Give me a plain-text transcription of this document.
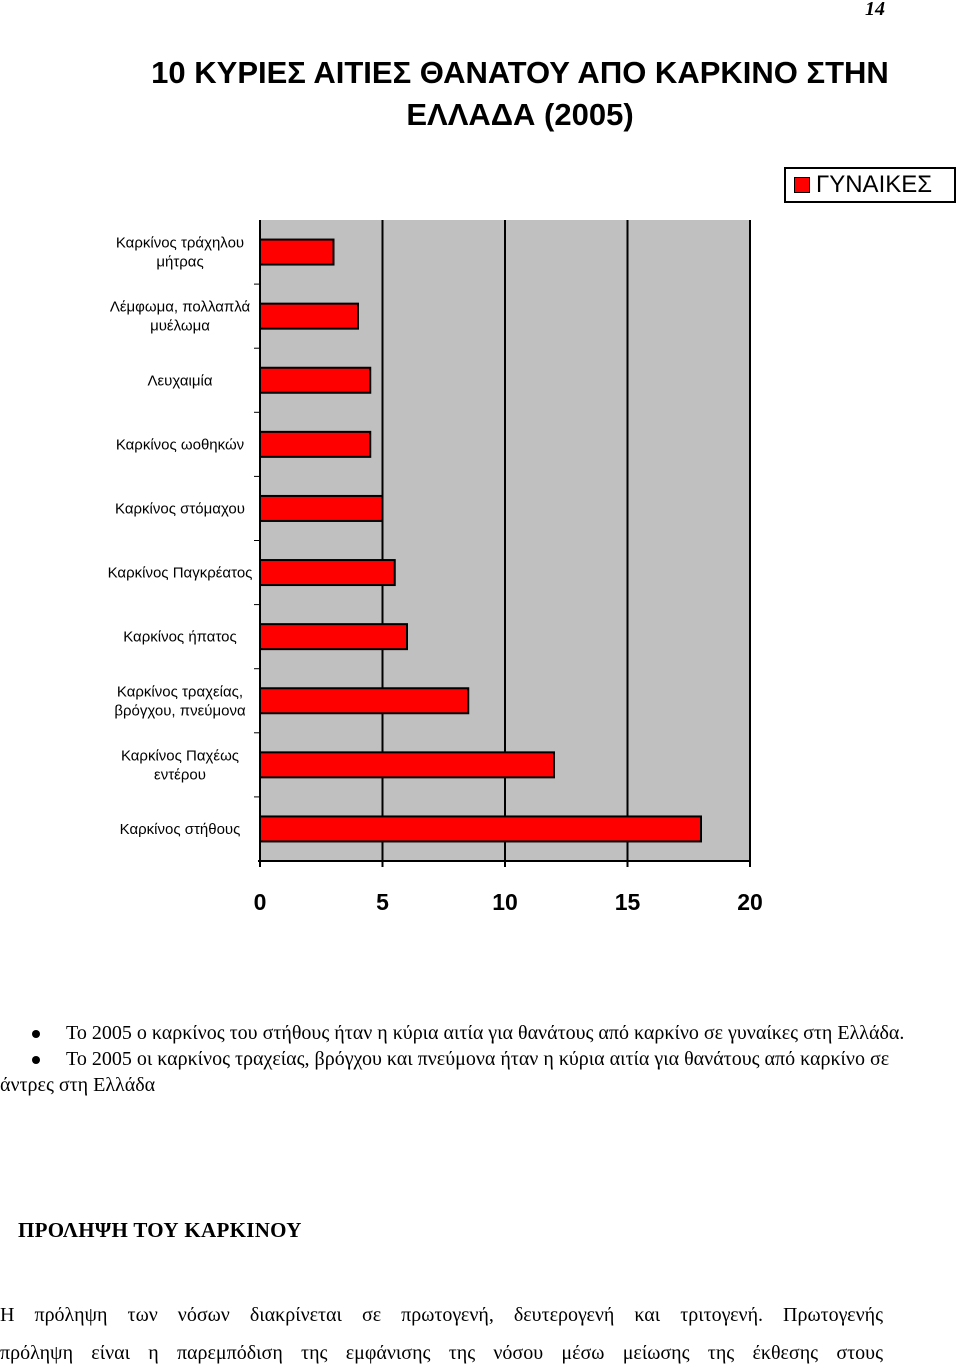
14
10 ΚΥΡΙΕΣ ΑΙΤΙΕΣ ΘΑΝΑΤΟΥ ΑΠΟ ΚΑΡΚΙΝΟ ΣΤΗΝ ΕΛΛΑΔΑ (2005)
ΓΥΝΑΙΚΕΣ
0	5	10	15	20
Καρκίνος τράχηλου
μήτρας
Λέμφωμα, πολλαπλά
μυέλωμα
Λευχαιμία
Καρκίνος ωοθηκών
Καρκίνος στόμαχου
Καρκίνος Παγκρέατος
Καρκίνος ήπατος
Καρκίνος τραχείας,
βρόγχου, πνεύμονα
Καρκίνος Παχέως
εντέρου
Καρκίνος στήθους
Το 2005 ο καρκίνος του στήθους ήταν η κύρια αιτία για θανάτους από καρκίνο σε γυναίκες στη Ελλάδα.
Το 2005 οι καρκίνος τραχείας, βρόγχου και πνεύμονα ήταν η κύρια αιτία για θανάτους από καρκίνο σε άντρες στη Ελλάδα
ΠΡΟΛΗΨΗ ΤΟΥ ΚΑΡΚΙΝΟΥ
Η πρόληψη των νόσων διακρίνεται σε πρωτογενή, δευτερογενή και τριτογενή. Πρωτογενής
πρόληψη είναι η παρεμπόδιση της εμφάνισης της νόσου μέσω μείωσης της έκθεσης στους
